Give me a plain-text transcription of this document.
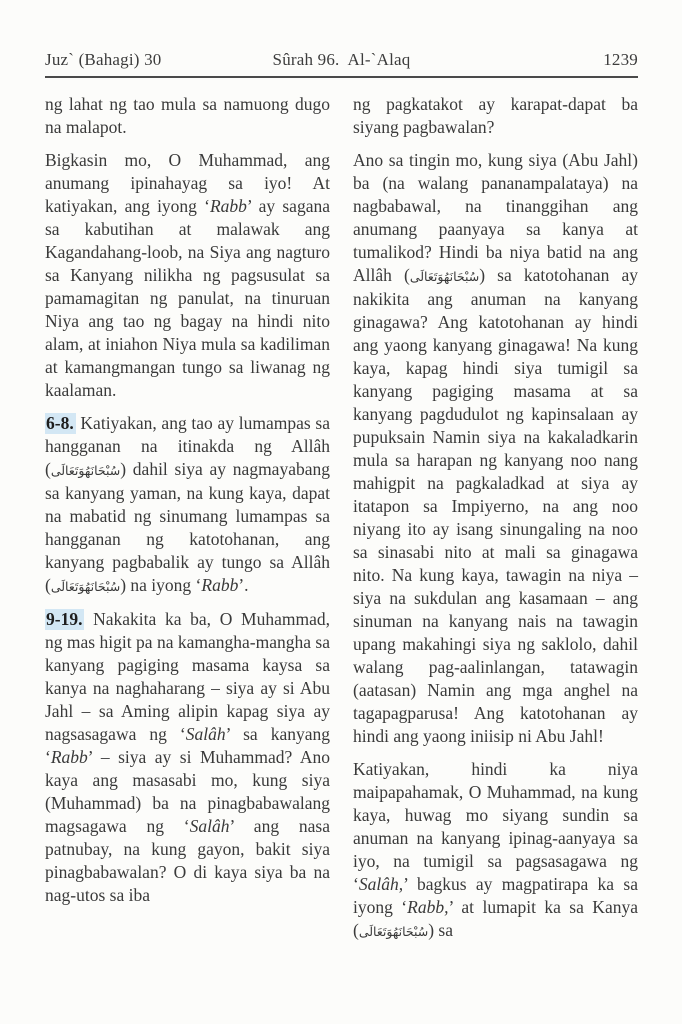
Juz` (Bahagi) 30	Sûrah 96.  Al-`Alaq	1239

ng lahat ng tao mula sa namuong dugo na malapot.

Bigkasin mo, O Muhammad, ang anumang ipinahayag sa iyo! At katiyakan, ang iyong ‘Rabb’ ay sagana sa kabutihan at malawak ang Kagandahang-loob, na Siya ang nagturo sa Kanyang nilikha ng pagsusulat sa pamamagitan ng panulat, na tinuruan Niya ang tao ng bagay na hindi nito alam, at iniahon Niya mula sa kadiliman at kamangmangan tungo sa liwanag ng kaalaman.

6-8. Katiyakan, ang tao ay lumampas sa hangganan na itinakda ng Allâh (سُبْحَانَهُوَتَعَالَى) dahil siya ay nagmayabang sa kanyang yaman, na kung kaya, dapat na mabatid ng sinumang lumampas sa hangganan ng katotohanan, ang kanyang pagbabalik ay tungo sa Allâh (سُبْحَانَهُوَتَعَالَى) na iyong ‘Rabb’.

9-19. Nakakita ka ba, O Muhammad, ng mas higit pa na kamangha-mangha sa kanyang pagiging masama kaysa sa kanya na naghaharang – siya ay si Abu Jahl – sa Aming alipin kapag siya ay nagsasagawa ng ‘Salâh’ sa kanyang ‘Rabb’ – siya ay si Muhammad? Ano kaya ang masasabi mo, kung siya (Muhammad) ba na pinagbabawalang magsagawa ng ‘Salâh’ ang nasa patnubay, na kung gayon, bakit siya pinagbabawalan? O di kaya siya ba na nag-utos sa iba

ng pagkatakot ay karapat-dapat ba siyang pagbawalan?

Ano sa tingin mo, kung siya (Abu Jahl) ba (na walang pananampalataya) na nagbabawal, na tinanggihan ang anumang paanyaya sa kanya at tumalikod? Hindi ba niya batid na ang Allâh (سُبْحَانَهُوَتَعَالَى) sa katotohanan ay nakikita ang anuman na kanyang ginagawa? Ang katotohanan ay hindi ang yaong kanyang ginagawa! Na kung kaya, kapag hindi siya tumigil sa kanyang pagiging masama at sa kanyang pagdudulot ng kapinsalaan ay pupuksain Namin siya na kakaladkarin mula sa harapan ng kanyang noo nang mahigpit na pagkaladkad at siya ay itatapon sa Impiyerno, na ang noo niyang ito ay isang sinungaling na noo sa sinasabi nito at mali sa ginagawa nito. Na kung kaya, tawagin na niya – siya na sukdulan ang kasamaan – ang sinuman na kanyang nais na tawagin upang makahingi siya ng saklolo, dahil walang pag-aalinlangan, tatawagin (aatasan) Namin ang mga anghel na tagapagparusa! Ang katotohanan ay hindi ang yaong iniisip ni Abu Jahl!

Katiyakan, hindi ka niya maipapahamak, O Muhammad, na kung kaya, huwag mo siyang sundin sa anuman na kanyang ipinag-aanyaya sa iyo, na tumigil sa pagsasagawa ng ‘Salâh,’ bagkus ay magpatirapa ka sa iyong ‘Rabb,’ at lumapit ka sa Kanya (سُبْحَانَهُوَتَعَالَى) sa
